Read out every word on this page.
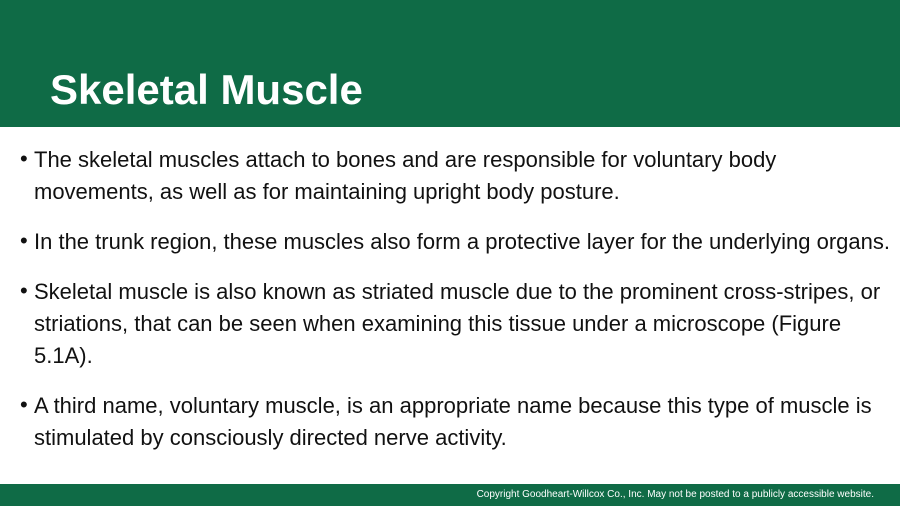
Skeletal Muscle
• The skeletal muscles attach to bones and are responsible for voluntary body movements, as well as for maintaining upright body posture.
• In the trunk region, these muscles also form a protective layer for the underlying organs.
• Skeletal muscle is also known as striated muscle due to the prominent cross-stripes, or striations, that can be seen when examining this tissue under a microscope (Figure 5.1A).
• A third name, voluntary muscle, is an appropriate name because this type of muscle is stimulated by consciously directed nerve activity.
Copyright Goodheart-Willcox Co., Inc. May not be posted to a publicly accessible website.
